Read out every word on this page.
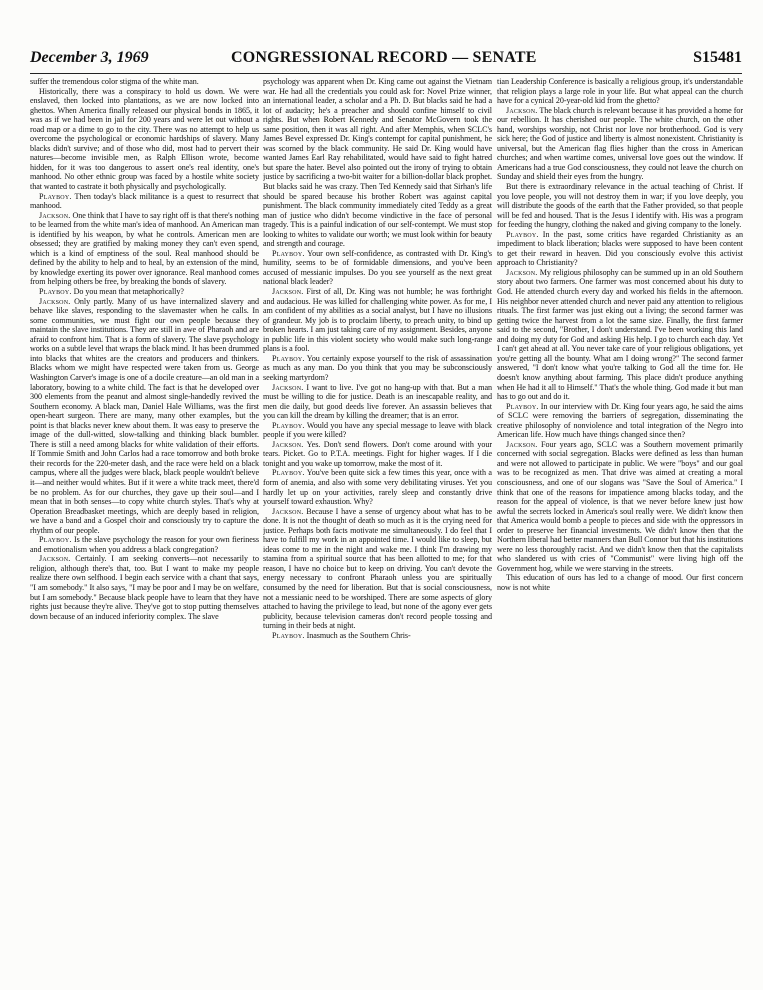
December 3, 1969	CONGRESSIONAL RECORD — SENATE	S15481

suffer the tremendous color stigma of the white man.

Historically, there was a conspiracy to hold us down. We were enslaved, then locked into plantations, as we are now locked into ghettos. When America finally released our physical bonds in 1865, it was as if we had been in jail for 200 years and were let out without a road map or a dime to go to the city. There was no attempt to help us overcome the psychological or economic hardships of slavery. Many blacks didn't survive; and of those who did, most had to pervert their natures—become invisible men, as Ralph Ellison wrote, become hidden, for it was too dangerous to assert one's real identity, one's manhood. No other ethnic group was faced by a hostile white society that wanted to castrate it both physically and psychologically.

Playboy. Then today's black militance is a quest to resurrect that manhood.

Jackson. One think that I have to say right off is that there's nothing to be learned from the white man's idea of manhood. An American man is identified by his weapon, by what he controls. American men are obsessed; they are gratified by making money they can't even spend, which is a kind of emptiness of the soul. Real manhood should be defined by the ability to help and to heal, by an extension of the mind, by knowledge exerting its power over ignorance. Real manhood comes from helping others be free, by breaking the bonds of slavery.

Playboy. Do you mean that metaphorically?

Jackson. Only partly. Many of us have internalized slavery and behave like slaves, responding to the slavemaster when he calls. In some communities, we must fight our own people because they maintain the slave institutions. They are still in awe of Pharaoh and are afraid to confront him. That is a form of slavery. The slave psychology works on a subtle level that wraps the black mind. It has been drummed into blacks that whites are the creators and producers and thinkers. Blacks whom we might have respected were taken from us. George Washington Carver's image is one of a docile creature—an old man in a laboratory, bowing to a white child. The fact is that he developed over 300 elements from the peanut and almost single-handedly revived the Southern economy. A black man, Daniel Hale Williams, was the first open-heart surgeon. There are many, many other examples, but the point is that blacks never knew about them. It was easy to preserve the image of the dull-witted, slow-talking and thinking black bumbler. There is still a need among blacks for white validation of their efforts. If Tommie Smith and John Carlos had a race tomorrow and both broke their records for the 220-meter dash, and the race were held on a black campus, where all the judges were black, black people wouldn't believe it—and neither would whites. But if it were a white track meet, there'd be no problem. As for our churches, they gave up their soul—and I mean that in both senses—to copy white church styles. That's why at Operation Breadbasket meetings, which are deeply based in religion, we have a band and a Gospel choir and consciously try to capture the rhythm of our people.

Playboy. Is the slave psychology the reason for your own fieriness and emotionalism when you address a black congregation?

Jackson. Certainly. I am seeking converts—not necessarily to religion, although there's that, too. But I want to make my people realize there own selfhood. I begin each service with a chant that says, "I am somebody." It also says, "I may be poor and I may be on welfare, but I am somebody." Because black people have to learn that they have rights just because they're alive. They've got to stop putting themselves down because of an induced inferiority complex. The slave

psychology was apparent when Dr. King came out against the Vietnam war. He had all the credentials you could ask for: Novel Prize winner, an international leader, a scholar and a Ph. D. But blacks said he had a lot of audacity; he's a preacher and should confine himself to civil rights. But when Robert Kennedy and Senator McGovern took the same position, then it was all right. And after Memphis, when SCLC's James Bevel expressed Dr. King's contempt for capital punishment, he was scorned by the black community. He said Dr. King would have wanted James Earl Ray rehabilitated, would have said to fight hatred but spare the hater. Bevel also pointed out the irony of trying to obtain justice by sacrificing a two-bit waiter for a billion-dollar black prophet. But blacks said he was crazy. Then Ted Kennedy said that Sirhan's life should be spared because his brother Robert was against capital punishment. The black community immediately cited Teddy as a great man of justice who didn't become vindictive in the face of personal tragedy. This is a painful indication of our self-contempt. We must stop looking to whites to validate our worth; we must look within for beauty and strength and courage.

Playboy. Your own self-confidence, as contrasted with Dr. King's humility, seems to be of formidable dimensions, and you've been accused of messianic impulses. Do you see yourself as the next great national black leader?

Jackson. First of all, Dr. King was not humble; he was forthright and audacious. He was killed for challenging white power. As for me, I am confident of my abilities as a social analyst, but I have no illusions of grandeur. My job is to proclaim liberty, to preach unity, to bind up broken hearts. I am just taking care of my assignment. Besides, anyone in public life in this violent society who would make such long-range plans is a fool.

Playboy. You certainly expose yourself to the risk of assassination as much as any man. Do you think that you may be subconsciously seeking martyrdom?

Jackson. I want to live. I've got no hang-up with that. But a man must be willing to die for justice. Death is an inescapable reality, and men die daily, but good deeds live forever. An assassin believes that you can kill the dream by killing the dreamer; that is an error.

Playboy. Would you have any special message to leave with black people if you were killed?

Jackson. Yes. Don't send flowers. Don't come around with your tears. Picket. Go to P.T.A. meetings. Fight for higher wages. If I die tonight and you wake up tomorrow, make the most of it.

Playboy. You've been quite sick a few times this year, once with a form of anemia, and also with some very debilitating viruses. Yet you hardly let up on your activities, rarely sleep and constantly drive yourself toward exhaustion. Why?

Jackson. Because I have a sense of urgency about what has to be done. It is not the thought of death so much as it is the crying need for justice. Perhaps both facts motivate me simultaneously. I do feel that I have to fulfill my work in an appointed time. I would like to sleep, but ideas come to me in the night and wake me. I think I'm drawing my stamina from a spiritual source that has been allotted to me; for that reason, I have no choice but to keep on driving. You can't devote the energy necessary to confront Pharaoh unless you are spiritually consumed by the need for liberation. But that is social consciousness, not a messianic need to be worshiped. There are some aspects of glory attached to having the privilege to lead, but none of the agony ever gets publicity, because television cameras don't record people tossing and turning in their beds at night.

Playboy. Inasmuch as the Southern Chris-

tian Leadership Conference is basically a religious group, it's understandable that religion plays a large role in your life. But what appeal can the church have for a cynical 20-year-old kid from the ghetto?

Jackson. The black church is relevant because it has provided a home for our rebellion. It has cherished our people. The white church, on the other hand, worships worship, not Christ nor love nor brotherhood. God is very sick here; the God of justice and liberty is almost nonexistent. Christianity is universal, but the American flag flies higher than the cross in American churches; and when wartime comes, universal love goes out the window. If Americans had a true God consciousness, they could not leave the church on Sunday and shield their eyes from the hungry.

But there is extraordinary relevance in the actual teaching of Christ. If you love people, you will not destroy them in war; if you love deeply, you will distribute the goods of the earth that the Father provided, so that people will be fed and housed. That is the Jesus I identify with. His was a program for feeding the hungry, clothing the naked and giving company to the lonely.

Playboy. In the past, some critics have regarded Christianity as an impediment to black liberation; blacks were supposed to have been content to get their reward in heaven. Did you consciously evolve this activist approach to Christianity?

Jackson. My religious philosophy can be summed up in an old Southern story about two farmers. One farmer was most concerned about his duty to God. He attended church every day and worked his fields in the afternoon. His neighbor never attended church and never paid any attention to religious rituals. The first farmer was just eking out a living; the second farmer was getting twice the harvest from a lot the same size. Finally, the first farmer said to the second, "Brother, I don't understand. I've been working this land and doing my duty for God and asking His help. I go to church each day. Yet I can't get ahead at all. You never take care of your religious obligations, yet you're getting all the bounty. What am I doing wrong?" The second farmer answered, "I don't know what you're talking to God all the time for. He doesn't know anything about farming. This place didn't produce anything when He had it all to Himself." That's the whole thing. God made it but man has to go out and do it.

Playboy. In our interview with Dr. King four years ago, he said the aims of SCLC were removing the barriers of segregation, disseminating the creative philosophy of nonviolence and total integration of the Negro into American life. How much have things changed since then?

Jackson. Four years ago, SCLC was a Southern movement primarily concerned with social segregation. Blacks were defined as less than human and were not allowed to participate in public. We were "boys" and our goal was to be recognized as men. That drive was aimed at creating a moral consciousness, and one of our slogans was "Save the Soul of America." I think that one of the reasons for impatience among blacks today, and the reason for the appeal of violence, is that we never before knew just how awful the secrets locked in America's soul really were. We didn't know then that America would bomb a people to pieces and side with the oppressors in order to preserve her financial investments. We didn't know then that the Northern liberal had better manners than Bull Connor but that his institutions were no less thoroughly racist. And we didn't know then that the capitalists who slandered us with cries of "Communist" were living high off the Government hog, while we were starving in the streets.

This education of ours has led to a change of mood. Our first concern now is not white
